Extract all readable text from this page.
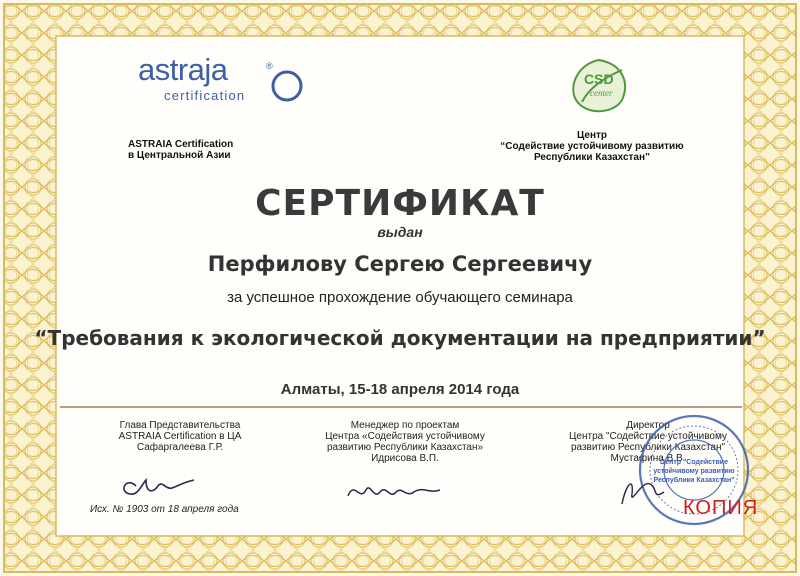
astraja	®
certification
ASTRAIA Certification
в Центральной Азии
CSD
center
Центр
“Содействие устойчивому развитию
Республики Казахстан”
СЕРТИФИКАТ
выдан
Перфилову Сергею Сергеевичу
за успешное прохождение обучающего семинара
“Требования к экологической документации на предприятии”
Алматы, 15-18 апреля 2014 года
Глава Представительства
ASTRAIA Certification в ЦА
Сафаргалеева Г.Р.
Менеджер по проектам
Центра «Содействия устойчивому
развитию Республики Казахстан»
Идрисова В.П.
Директор
Центра "Содействие устойчивому
развитию Республики Казахстан"
Мустафина В.В.
Центр "Содействие
устойчивому развитию
Республики Казахстан"
Исх. № 1903 от 18 апреля года	КОПИЯ
